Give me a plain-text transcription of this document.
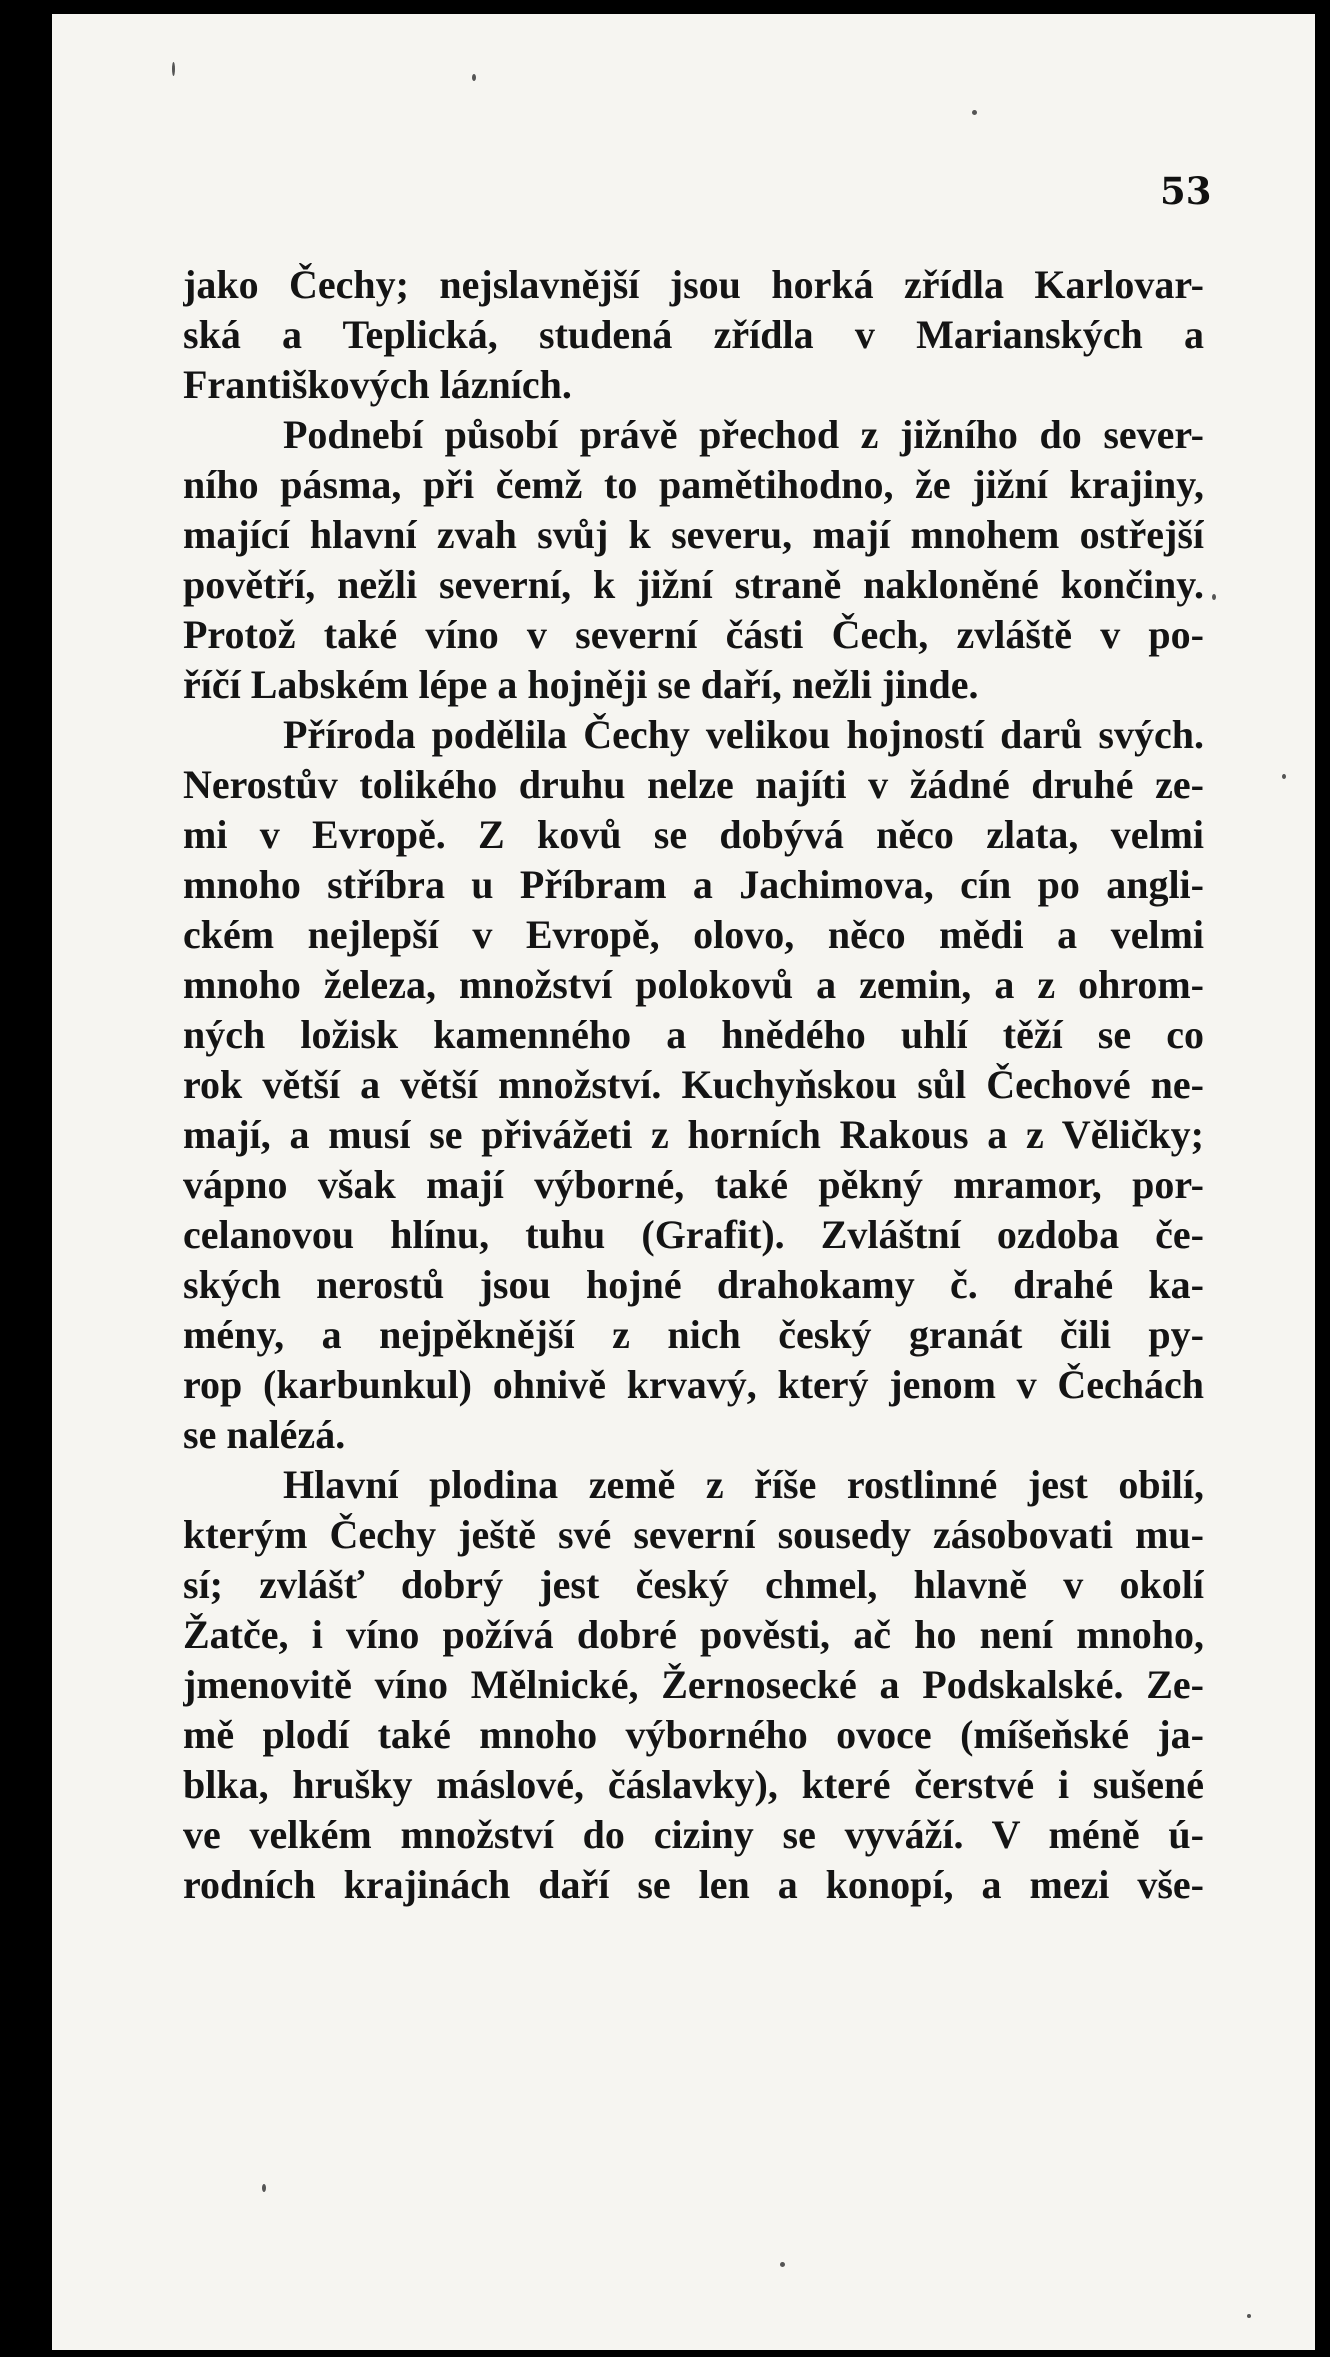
53
jako Čechy; nejslavnější jsou horká zřídla Karlovar-
ská a Teplická, studená zřídla v Marianských a
Františkových lázních.
Podnebí působí právě přechod z jižního do sever-
ního pásma, při čemž to pamětihodno, že jižní krajiny,
mající hlavní zvah svůj k severu, mají mnohem ostřejší
povětří, nežli severní, k jižní straně nakloněné končiny.
Protož také víno v severní části Čech, zvláště v po-
říčí Labském lépe a hojněji se daří, nežli jinde.
Příroda podělila Čechy velikou hojností darů svých.
Nerostův tolikého druhu nelze najíti v žádné druhé ze-
mi v Evropě. Z kovů se dobývá něco zlata, velmi
mnoho stříbra u Příbram a Jachimova, cín po angli-
ckém nejlepší v Evropě, olovo, něco mědi a velmi
mnoho železa, množství polokovů a zemin, a z ohrom-
ných ložisk kamenného a hnědého uhlí těží se co
rok větší a větší množství. Kuchyňskou sůl Čechové ne-
mají, a musí se přivážeti z horních Rakous a z Věličky;
vápno však mají výborné, také pěkný mramor, por-
celanovou hlínu, tuhu (Grafit). Zvláštní ozdoba če-
ských nerostů jsou hojné drahokamy č. drahé ka-
mény, a nejpěknější z nich český granát čili py-
rop (karbunkul) ohnivě krvavý, který jenom v Čechách
se nalézá.
Hlavní plodina země z říše rostlinné jest obilí,
kterým Čechy ještě své severní sousedy zásobovati mu-
sí; zvlášť dobrý jest český chmel, hlavně v okolí
Žatče, i víno požívá dobré pověsti, ač ho není mnoho,
jmenovitě víno Mělnické, Žernosecké a Podskalské. Ze-
mě plodí také mnoho výborného ovoce (míšeňské ja-
blka, hrušky máslové, čáslavky), které čerstvé i sušené
ve velkém množství do ciziny se vyváží. V méně ú-
rodních krajinách daří se len a konopí, a mezi vše-
